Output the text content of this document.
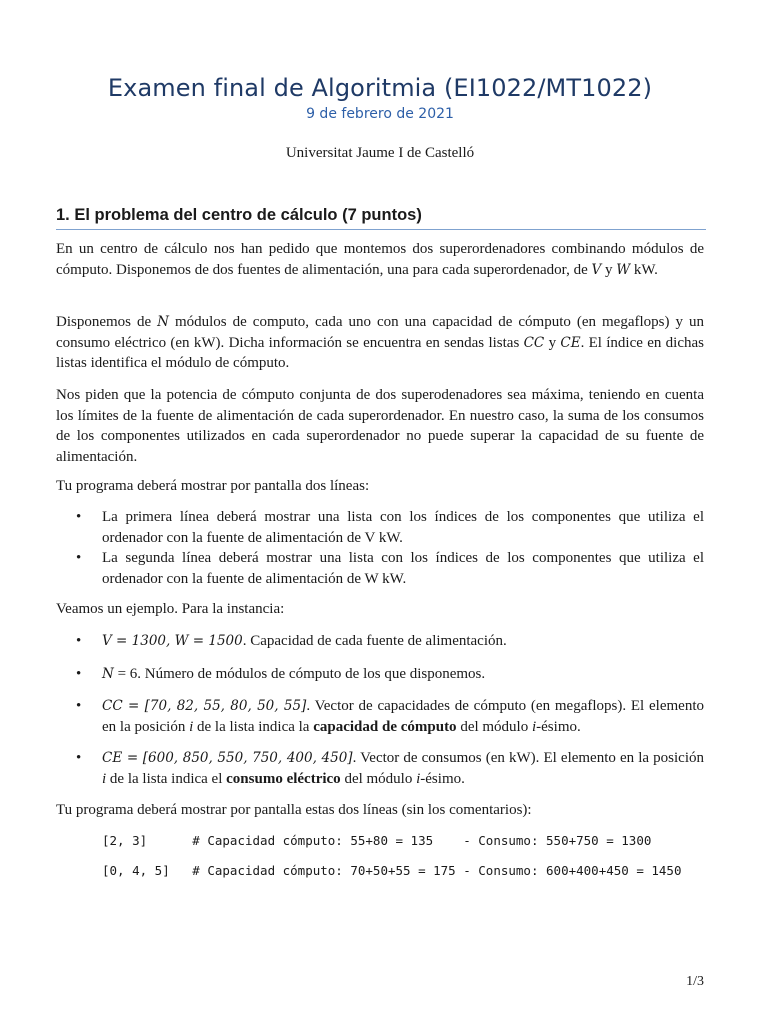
Examen final de Algoritmia (EI1022/MT1022)
9 de febrero de 2021
Universitat Jaume I de Castelló
1. El problema del centro de cálculo (7 puntos)
En un centro de cálculo nos han pedido que montemos dos superordenadores combinando módulos de cómputo. Disponemos de dos fuentes de alimentación, una para cada superordenador, de V y W kW.
Disponemos de N módulos de computo, cada uno con una capacidad de cómputo (en megaflops) y un consumo eléctrico (en kW). Dicha información se encuentra en sendas listas CC y CE. El índice en dichas listas identifica el módulo de cómputo.
Nos piden que la potencia de cómputo conjunta de dos superodenadores sea máxima, teniendo en cuenta los límites de la fuente de alimentación de cada superordenador. En nuestro caso, la suma de los consumos de los componentes utilizados en cada superordenador no puede superar la capacidad de su fuente de alimentación.
Tu programa deberá mostrar por pantalla dos líneas:
• La primera línea deberá mostrar una lista con los índices de los componentes que utiliza el ordenador con la fuente de alimentación de V kW.
• La segunda línea deberá mostrar una lista con los índices de los componentes que utiliza el ordenador con la fuente de alimentación de W kW.
Veamos un ejemplo. Para la instancia:
• V = 1300, W = 1500. Capacidad de cada fuente de alimentación.
• N = 6. Número de módulos de cómputo de los que disponemos.
• CC = [70, 82, 55, 80, 50, 55]. Vector de capacidades de cómputo (en megaflops). El elemento en la posición i de la lista indica la capacidad de cómputo del módulo i-ésimo.
• CE = [600, 850, 550, 750, 400, 450]. Vector de consumos (en kW). El elemento en la posición i de la lista indica el consumo eléctrico del módulo i-ésimo.
Tu programa deberá mostrar por pantalla estas dos líneas (sin los comentarios):
[2, 3]      # Capacidad cómputo: 55+80 = 135    - Consumo: 550+750 = 1300
[0, 4, 5]   # Capacidad cómputo: 70+50+55 = 175 - Consumo: 600+400+450 = 1450
1/3
